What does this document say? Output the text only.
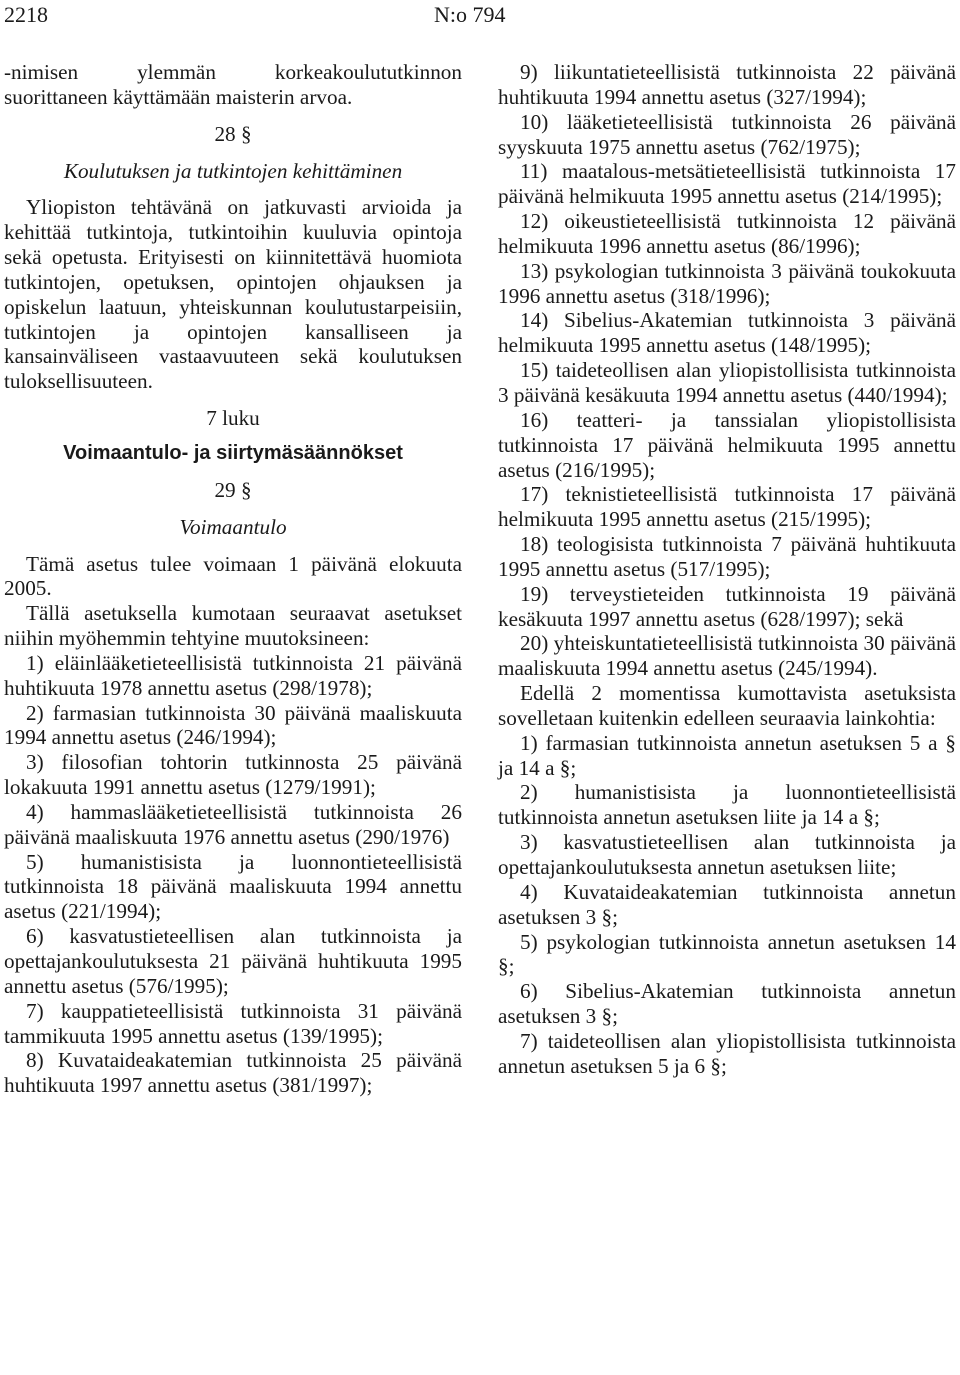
2218	N:o 794

-nimisen ylemmän korkeakoulututkinnon suorittaneen käyttämään maisterin arvoa.

28 §

Koulutuksen ja tutkintojen kehittäminen

Yliopiston tehtävänä on jatkuvasti arvioida ja kehittää tutkintoja, tutkintoihin kuuluvia opintoja sekä opetusta. Erityisesti on kiinnitettävä huomiota tutkintojen, opetuksen, opintojen ohjauksen ja opiskelun laatuun, yhteiskunnan koulutustarpeisiin, tutkintojen ja opintojen kansalliseen ja kansainväliseen vastaavuuteen sekä koulutuksen tuloksellisuuteen.

7 luku

Voimaantulo- ja siirtymäsäännökset

29 §

Voimaantulo

Tämä asetus tulee voimaan 1 päivänä elokuuta 2005.

Tällä asetuksella kumotaan seuraavat asetukset niihin myöhemmin tehtyine muutoksineen:

1) eläinlääketieteellisistä tutkinnoista 21 päivänä huhtikuuta 1978 annettu asetus (298/1978);

2) farmasian tutkinnoista 30 päivänä maaliskuuta 1994 annettu asetus (246/1994);

3) filosofian tohtorin tutkinnosta 25 päivänä lokakuuta 1991 annettu asetus (1279/1991);

4) hammaslääketieteellisistä tutkinnoista 26 päivänä maaliskuuta 1976 annettu asetus (290/1976)

5) humanistisista ja luonnontieteellisistä tutkinnoista 18 päivänä maaliskuuta 1994 annettu asetus (221/1994);

6) kasvatustieteellisen alan tutkinnoista ja opettajankoulutuksesta 21 päivänä huhtikuuta 1995 annettu asetus (576/1995);

7) kauppatieteellisistä tutkinnoista 31 päivänä tammikuuta 1995 annettu asetus (139/1995);

8) Kuvataideakatemian tutkinnoista 25 päivänä huhtikuuta 1997 annettu asetus (381/1997);

9) liikuntatieteellisistä tutkinnoista 22 päivänä huhtikuuta 1994 annettu asetus (327/1994);

10) lääketieteellisistä tutkinnoista 26 päivänä syyskuuta 1975 annettu asetus (762/1975);

11) maatalous-metsätieteellisistä tutkinnoista 17 päivänä helmikuuta 1995 annettu asetus (214/1995);

12) oikeustieteellisistä tutkinnoista 12 päivänä helmikuuta 1996 annettu asetus (86/1996);

13) psykologian tutkinnoista 3 päivänä toukokuuta 1996 annettu asetus (318/1996);

14) Sibelius-Akatemian tutkinnoista 3 päivänä helmikuuta 1995 annettu asetus (148/1995);

15) taideteollisen alan yliopistollisista tutkinnoista 3 päivänä kesäkuuta 1994 annettu asetus (440/1994);

16) teatteri- ja tanssialan yliopistollisista tutkinnoista 17 päivänä helmikuuta 1995 annettu asetus (216/1995);

17) teknistieteellisistä tutkinnoista 17 päivänä helmikuuta 1995 annettu asetus (215/1995);

18) teologisista tutkinnoista 7 päivänä huhtikuuta 1995 annettu asetus (517/1995);

19) terveystieteiden tutkinnoista 19 päivänä kesäkuuta 1997 annettu asetus (628/1997); sekä

20) yhteiskuntatieteellisistä tutkinnoista 30 päivänä maaliskuuta 1994 annettu asetus (245/1994).

Edellä 2 momentissa kumottavista asetuksista sovelletaan kuitenkin edelleen seuraavia lainkohtia:

1) farmasian tutkinnoista annetun asetuksen 5 a § ja 14 a §;

2) humanistisista ja luonnontieteellisistä tutkinnoista annetun asetuksen liite ja 14 a §;

3) kasvatustieteellisen alan tutkinnoista ja opettajankoulutuksesta annetun asetuksen liite;

4) Kuvataideakatemian tutkinnoista annetun asetuksen 3 §;

5) psykologian tutkinnoista annetun asetuksen 14 §;

6) Sibelius-Akatemian tutkinnoista annetun asetuksen 3 §;

7) taideteollisen alan yliopistollisista tutkinnoista annetun asetuksen 5 ja 6 §;
